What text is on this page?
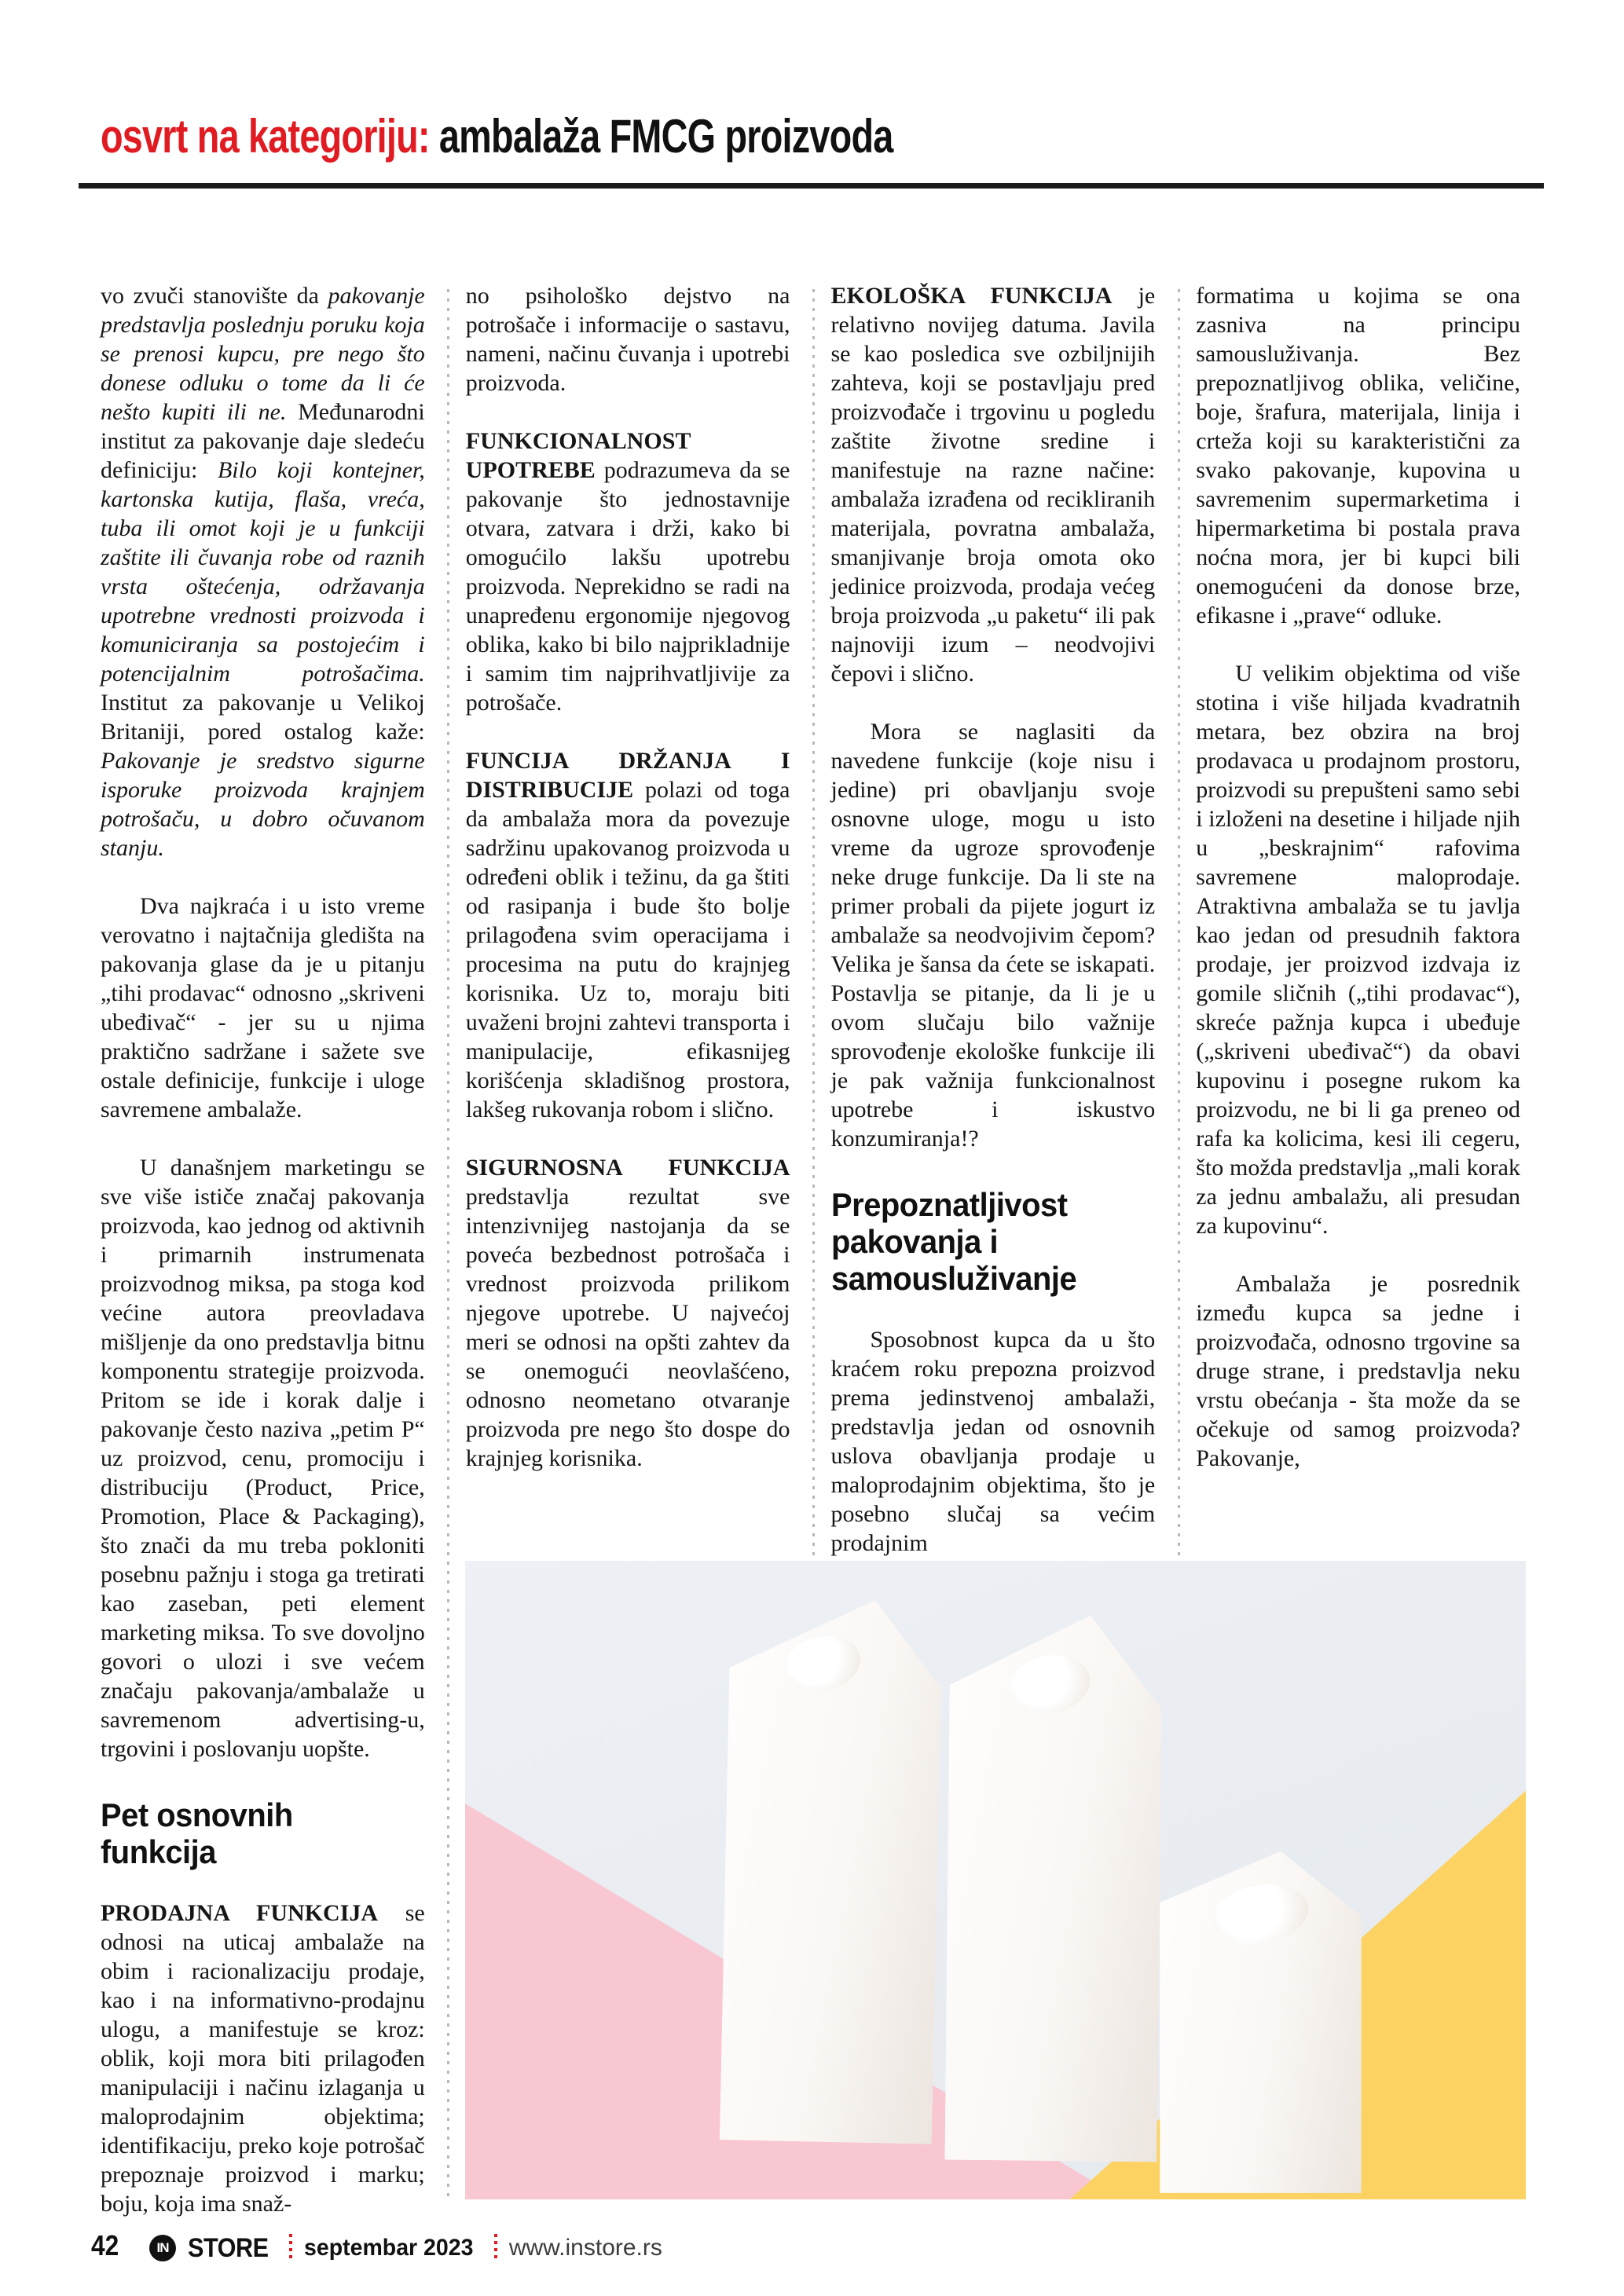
osvrt na kategoriju: ambalaža FMCG proizvoda

vo zvuči stanovište da pakovanje predstavlja poslednju poruku koja se prenosi kupcu, pre nego što donese odluku o tome da li će nešto kupiti ili ne. Međunarodni institut za pakovanje daje sledeću definiciju: Bilo koji kontejner, kartonska kutija, flaša, vreća, tuba ili omot koji je u funkciji zaštite ili čuvanja robe od raznih vrsta oštećenja, održavanja upotrebne vrednosti proizvoda i komuniciranja sa postojećim i potencijalnim potrošačima. Institut za pakovanje u Velikoj Britaniji, pored ostalog kaže: Pakovanje je sredstvo sigurne isporuke proizvoda krajnjem potrošaču, u dobro očuvanom stanju.

Dva najkraća i u isto vreme verovatno i najtačnija gledišta na pakovanja glase da je u pitanju „tihi prodavac“ odnosno „skriveni ubeđivač“ - jer su u njima praktično sadržane i sažete sve ostale definicije, funkcije i uloge savremene ambalaže.

U današnjem marketingu se sve više ističe značaj pakovanja proizvoda, kao jednog od aktivnih i primarnih instrumenata proizvodnog miksa, pa stoga kod većine autora preovladava mišljenje da ono predstavlja bitnu komponentu strategije proizvoda. Pritom se ide i korak dalje i pakovanje često naziva „petim P“ uz proizvod, cenu, promociju i distribuciju (Product, Price, Promotion, Place & Packaging), što znači da mu treba pokloniti posebnu pažnju i stoga ga tretirati kao zaseban, peti element marketing miksa. To sve dovoljno govori o ulozi i sve većem značaju pakovanja/ambalaže u savremenom advertising-u, trgovini i poslovanju uopšte.

Pet osnovnih funkcija

PRODAJNA FUNKCIJA se odnosi na uticaj ambalaže na obim i racionalizaciju prodaje, kao i na informativno-prodajnu ulogu, a manifestuje se kroz: oblik, koji mora biti prilagođen manipulaciji i načinu izlaganja u maloprodajnim objektima; identifikaciju, preko koje potrošač prepoznaje proizvod i marku; boju, koja ima snaž-

no psihološko dejstvo na potrošače i informacije o sastavu, nameni, načinu čuvanja i upotrebi proizvoda.

FUNKCIONALNOST UPOTREBE podrazumeva da se pakovanje što jednostavnije otvara, zatvara i drži, kako bi omogućilo lakšu upotrebu proizvoda. Neprekidno se radi na unapređenu ergonomije njegovog oblika, kako bi bilo najprikladnije i samim tim najprihvatljivije za potrošače.

FUNCIJA DRŽANJA I DISTRIBUCIJE polazi od toga da ambalaža mora da povezuje sadržinu upakovanog proizvoda u određeni oblik i težinu, da ga štiti od rasipanja i bude što bolje prilagođena svim operacijama i procesima na putu do krajnjeg korisnika. Uz to, moraju biti uvaženi brojni zahtevi transporta i manipulacije, efikasnijeg korišćenja skladišnog prostora, lakšeg rukovanja robom i slično.

SIGURNOSNA FUNKCIJA predstavlja rezultat sve intenzivnijeg nastojanja da se poveća bezbednost potrošača i vrednost proizvoda prilikom njegove upotrebe. U najvećoj meri se odnosi na opšti zahtev da se onemogući neovlašćeno, odnosno neometano otvaranje proizvoda pre nego što dospe do krajnjeg korisnika.

EKOLOŠKA FUNKCIJA je relativno novijeg datuma. Javila se kao posledica sve ozbiljnijih zahteva, koji se postavljaju pred proizvođače i trgovinu u pogledu zaštite životne sredine i manifestuje na razne načine: ambalaža izrađena od recikliranih materijala, povratna ambalaža, smanjivanje broja omota oko jedinice proizvoda, prodaja većeg broja proizvoda „u paketu“ ili pak najnoviji izum – neodvojivi čepovi i slično.

Mora se naglasiti da navedene funkcije (koje nisu i jedine) pri obavljanju svoje osnovne uloge, mogu u isto vreme da ugroze sprovođenje neke druge funkcije. Da li ste na primer probali da pijete jogurt iz ambalaže sa neodvojivim čepom? Velika je šansa da ćete se iskapati. Postavlja se pitanje, da li je u ovom slučaju bilo važnije sprovođenje ekološke funkcije ili je pak važnija funkcionalnost upotrebe i iskustvo konzumiranja!?

Prepoznatljivost pakovanja i samousluživanje

Sposobnost kupca da u što kraćem roku prepozna proizvod prema jedinstvenoj ambalaži, predstavlja jedan od osnovnih uslova obavljanja prodaje u maloprodajnim objektima, što je posebno slučaj sa većim prodajnim

formatima u kojima se ona zasniva na principu samousluživanja. Bez prepoznatljivog oblika, veličine, boje, šrafura, materijala, linija i crteža koji su karakteristični za svako pakovanje, kupovina u savremenim supermarketima i hipermarketima bi postala prava noćna mora, jer bi kupci bili onemogućeni da donose brze, efikasne i „prave“ odluke.

U velikim objektima od više stotina i više hiljada kvadratnih metara, bez obzira na broj prodavaca u prodajnom prostoru, proizvodi su prepušteni samo sebi i izloženi na desetine i hiljade njih u „beskrajnim“ rafovima savremene maloprodaje. Atraktivna ambalaža se tu javlja kao jedan od presudnih faktora prodaje, jer proizvod izdvaja iz gomile sličnih („tihi prodavac“), skreće pažnja kupca i ubeđuje („skriveni ubeđivač“) da obavi kupovinu i posegne rukom ka proizvodu, ne bi li ga preneo od rafa ka kolicima, kesi ili cegeru, što možda predstavlja „mali korak za jednu ambalažu, ali presudan za kupovinu“.

Ambalaža je posrednik između kupca sa jedne i proizvođača, odnosno trgovine sa druge strane, i predstavlja neku vrstu obećanja - šta može da se očekuje od samog proizvoda? Pakovanje,

42	IN STORE septembar 2023 www.instore.rs
